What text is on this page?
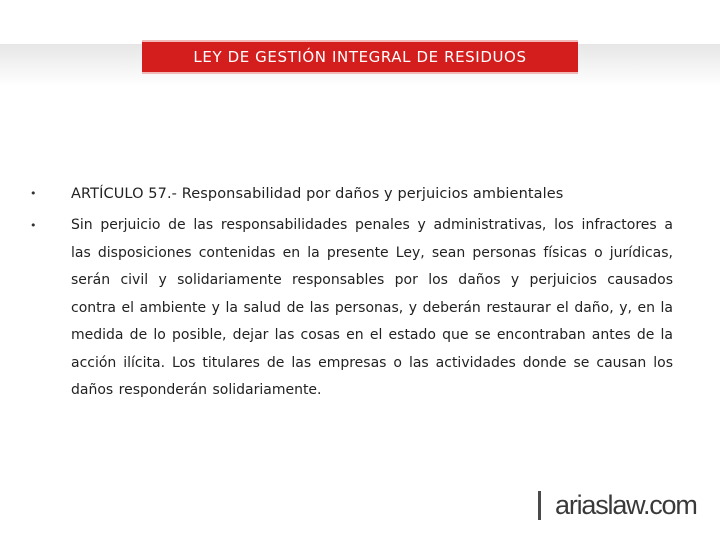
LEY DE GESTIÓN INTEGRAL DE RESIDUOS
• ARTÍCULO 57.- Responsabilidad por daños y perjuicios ambientales
• Sin perjuicio de las responsabilidades penales y administrativas, los infractores a las disposiciones contenidas en la presente Ley, sean personas físicas o jurídicas, serán civil y solidariamente responsables por los daños y perjuicios causados contra el ambiente y la salud de las personas, y deberán restaurar el daño, y, en la medida de lo posible, dejar las cosas en el estado que se encontraban antes de la acción ilícita. Los titulares de las empresas o las actividades donde se causan los daños responderán solidariamente.
ariaslaw.com
